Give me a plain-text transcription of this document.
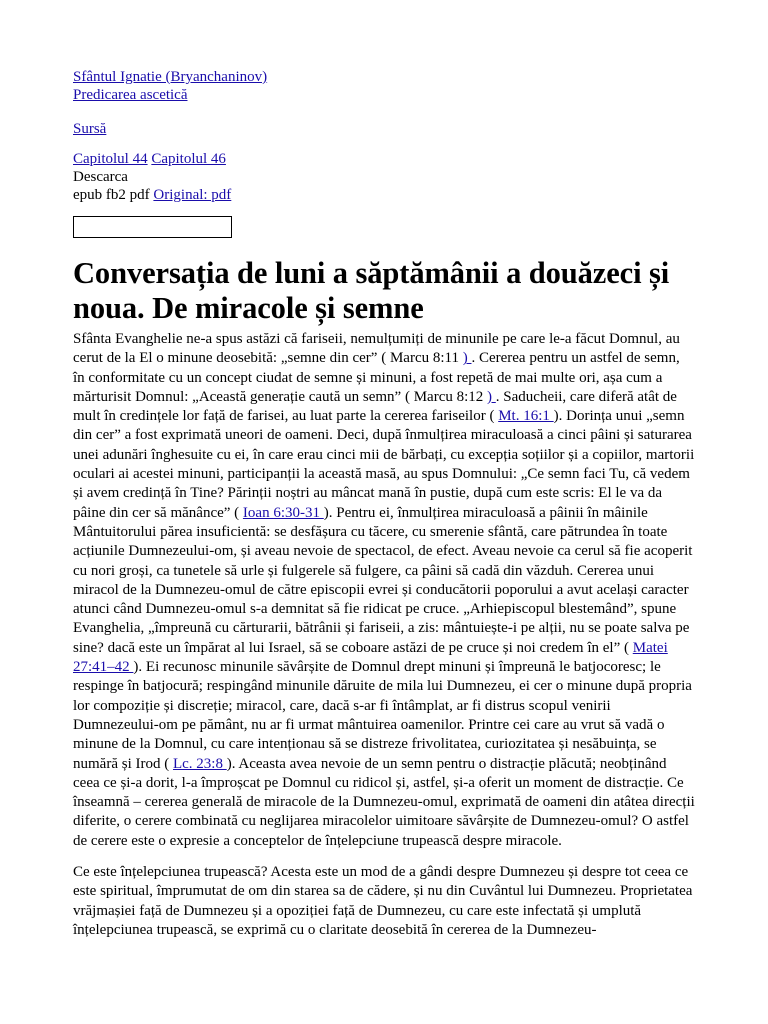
Sfântul Ignatie (Bryanchaninov)
Predicarea ascetică
Sursă
Capitolul 44 Capitolul 46
Descarca
epub fb2 pdf Original: pdf
Conversația de luni a săptămânii a douăzeci și noua. De miracole și semne

Sfânta Evanghelie ne-a spus astăzi că fariseii, nemulțumiți de minunile pe care le-a făcut Domnul, au cerut de la El o minune deosebită: „semne din cer” ( Marcu 8:11 ) . Cererea pentru un astfel de semn, în conformitate cu un concept ciudat de semne și minuni, a fost repetă de mai multe ori, așa cum a mărturisit Domnul: „Această generație caută un semn” ( Marcu 8:12 ) . Saducheii, care diferă atât de mult în credințele lor față de farisei, au luat parte la cererea fariseilor ( Mt. 16:1 ). Dorința unui „semn din cer” a fost exprimată uneori de oameni. Deci, după înmulțirea miraculoasă a cinci pâini și saturarea unei adunări înghesuite cu ei, în care erau cinci mii de bărbați, cu excepția soțiilor și a copiilor, martorii oculari ai acestei minuni, participanții la această masă, au spus Domnului: „Ce semn faci Tu, că vedem și avem credință în Tine? Părinții noștri au mâncat mană în pustie, după cum este scris: El le va da pâine din cer să mănânce” ( Ioan 6:30-31 ). Pentru ei, înmulțirea miraculoasă a pâinii în mâinile Mântuitorului părea insuficientă: se desfășura cu tăcere, cu smerenie sfântă, care pătrundea în toate acțiunile Dumnezeului-om, și aveau nevoie de spectacol, de efect. Aveau nevoie ca cerul să fie acoperit cu nori groși, ca tunetele să urle și fulgerele să fulgere, ca pâini să cadă din văzduh. Cererea unui miracol de la Dumnezeu-omul de către episcopii evrei și conducătorii poporului a avut același caracter atunci când Dumnezeu-omul s-a demnitat să fie ridicat pe cruce. „Arhiepiscopul blestemând”, spune Evanghelia, „împreună cu cărturarii, bătrânii și fariseii, a zis: mântuiește-i pe alții, nu se poate salva pe sine? dacă este un împărat al lui Israel, să se coboare astăzi de pe cruce și noi credem în el” ( Matei 27:41–42 ). Ei recunosc minunile săvârșite de Domnul drept minuni și împreună le batjocoresc; le respinge în batjocură; respingând minunile dăruite de mila lui Dumnezeu, ei cer o minune după propria lor compoziție și discreție; miracol, care, dacă s-ar fi întâmplat, ar fi distrus scopul venirii Dumnezeului-om pe pământ, nu ar fi urmat mântuirea oamenilor. Printre cei care au vrut să vadă o minune de la Domnul, cu care intenționau să se distreze frivolitatea, curiozitatea și nesăbuința, se numără și Irod ( Lc. 23:8 ). Aceasta avea nevoie de un semn pentru o distracție plăcută; neobținând ceea ce și-a dorit, l-a împroșcat pe Domnul cu ridicol și, astfel, și-a oferit un moment de distracție. Ce înseamnă – cererea generală de miracole de la Dumnezeu-omul, exprimată de oameni din atâtea direcții diferite, o cerere combinată cu neglijarea miracolelor uimitoare săvârșite de Dumnezeu-omul? O astfel de cerere este o expresie a conceptelor de înțelepciune trupească despre miracole.

Ce este înțelepciunea trupească? Acesta este un mod de a gândi despre Dumnezeu și despre tot ceea ce este spiritual, împrumutat de om din starea sa de cădere, și nu din Cuvântul lui Dumnezeu. Proprietatea vrăjmașiei față de Dumnezeu și a opoziției față de Dumnezeu, cu care este infectată și umplută înțelepciunea trupească, se exprimă cu o claritate deosebită în cererea de la Dumnezeu-
